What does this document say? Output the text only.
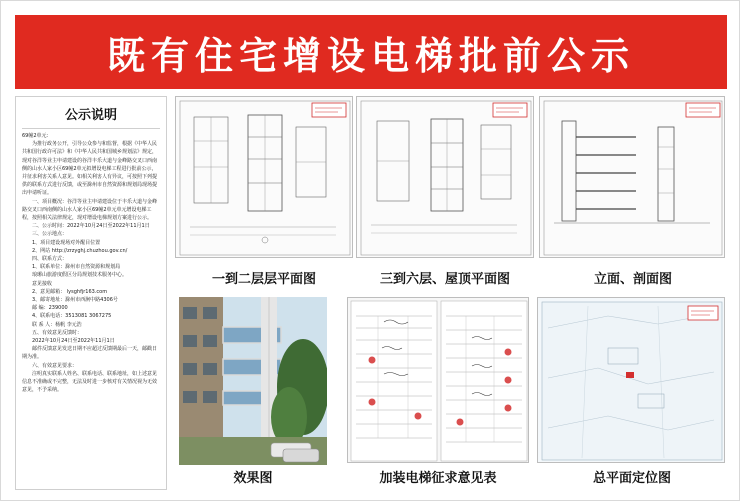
既有住宅增设电梯批前公示
公示说明

69幢2单元：

为推行政务公开，引导公众参与和监督，根据《中华人民共和国行政许可法》和《中华人民共和国城乡规划法》规定，现对谷洋等业主申请建设的谷洋丰乐大道与金峰路交叉口西南侧的山水人家小区69幢2单元拟增设电梯工程进行批前公示，并征求利害关系人意见。如相关利害人有异议，可按照下列提供的联系方式进行反馈，或至滁州市自然资源和规划局现场提出申请听证。

一、项目概况：谷洋等业主申请建设位于丰乐大道与金峰路交叉口西南侧的山水人家小区69幢2单元单元增设电梯工程，按照相关法律规定，现对增设电梯规划方案进行公示。

二、公示时间：2022年10月24日至2022年11月1日

三、公示地点：

1、项目建设现场对外醒目位置

2、网站 http://zrzyghj.chuzhou.gov.cn/

四、联系方式：

1、联系单位：滁州市自然资源和规划局

琅琊山旅游度假区分局规划技术服务中心。

意见接收

2、意见邮箱： lysghfjr163.com

3、邮寄地址：滁州市西涧中路4306号

邮 编：239000

4、联系电话：3513081 3067275

联 系 人：杨帆 李元浩

五、有效意见反馈时：

2022年10月24日至2022年11月1日

邮件反馈意见发送日期不应超过反馈期最后一天，邮戳日期为准。

六、有效意见要求：

注明真实联系人姓名、联系电话、联系地址，如上述意见信息不准确或不完整，无法及时进一步核对有关情况视为无效意见，不予采纳。

一到二层层平面图	三到六层、屋顶平面图	立面、剖面图
效果图	加装电梯征求意见表	总平面定位图
